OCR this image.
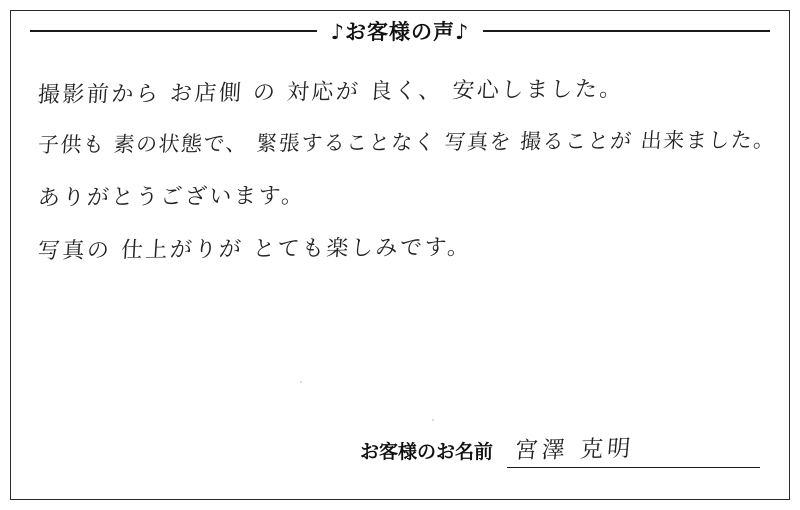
♪お客様の声♪
撮影前から お店側 の 対応が 良く、 安心しました。
子供も 素の状態で、 緊張することなく 写真を 撮ることが 出来ました。
ありがとうございます。
写真の 仕上がりが とても楽しみです。
お客様のお名前 宮澤 克明
